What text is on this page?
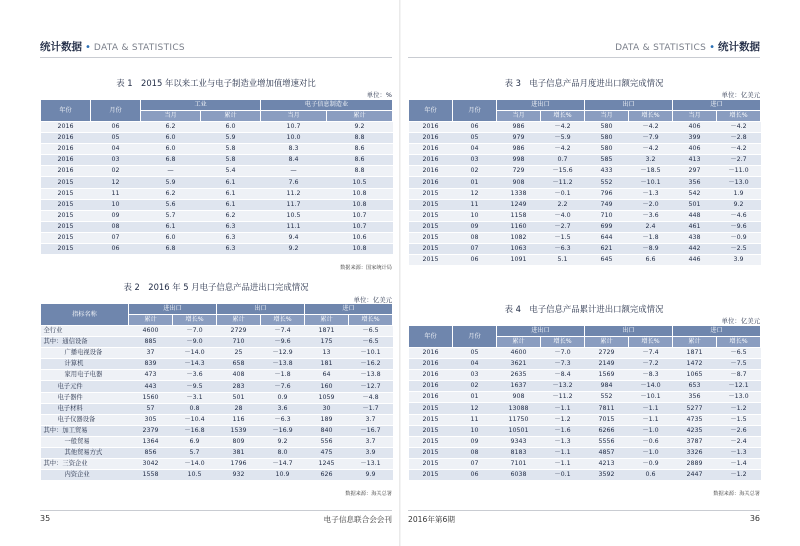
统计数据 • DATA & STATISTICS
表 1　2015 年以来工业与电子制造业增加值增速对比
单位：%
年份	月份	工业		电子信息制造业	
		当月	累计	当月	累计
2016	06	6.2	6.0	10.7	9.2
2016	05	6.0	5.9	10.0	8.8
2016	04	6.0	5.8	8.3	8.6
2016	03	6.8	5.8	8.4	8.6
2016	02	—	5.4	—	8.8
2015	12	5.9	6.1	7.6	10.5
2015	11	6.2	6.1	11.2	10.8
2015	10	5.6	6.1	11.7	10.8
2015	09	5.7	6.2	10.5	10.7
2015	08	6.1	6.3	11.1	10.7
2015	07	6.0	6.3	9.4	10.6
2015	06	6.8	6.3	9.2	10.8
数据来源：国家统计局
表 2　2016 年 5 月电子信息产品进出口完成情况
单位：亿美元
指标名称	进出口		出口		进口	
	累计	增长%	累计	增长%	累计	增长%
全行业	4600	－7.0	2729	－7.4	1871	－6.5
其中：通信设备	885	－9.0	710	－9.6	175	－6.5
广播电视设备	37	－14.0	25	－12.9	13	－10.1
计算机	839	－14.3	658	－13.8	181	－16.2
家用电子电器	473	－3.6	408	－1.8	64	－13.8
电子元件	443	－9.5	283	－7.6	160	－12.7
电子器件	1560	－3.1	501	0.9	1059	－4.8
电子材料	57	0.8	28	3.6	30	－1.7
电子仪器设备	305	－10.4	116	－6.3	189	3.7
其中：加工贸易	2379	－16.8	1539	－16.9	840	－16.7
一般贸易	1364	6.9	809	9.2	556	3.7
其他贸易方式	856	5.7	381	8.0	475	3.9
其中：三资企业	3042	－14.0	1796	－14.7	1245	－13.1
内资企业	1558	10.5	932	10.9	626	9.9
数据来源：海关总署
35	电子信息联合会会刊
DATA & STATISTICS • 统计数据
表 3　电子信息产品月度进出口额完成情况
单位：亿美元
年份	月份	进出口		出口		进口	
		当月	增长%	当月	增长%	当月	增长%
2016	06	986	－4.2	580	－4.2	406	－4.2
2016	05	979	－5.9	580	－7.9	399	－2.8
2016	04	986	－4.2	580	－4.2	406	－4.2
2016	03	998	0.7	585	3.2	413	－2.7
2016	02	729	－15.6	433	－18.5	297	－11.0
2016	01	908	－11.2	552	－10.1	356	－13.0
2015	12	1338	－0.1	796	－1.3	542	1.9
2015	11	1249	2.2	749	－2.0	501	9.2
2015	10	1158	－4.0	710	－3.6	448	－4.6
2015	09	1160	－2.7	699	2.4	461	－9.6
2015	08	1082	－1.5	644	－1.8	438	－0.9
2015	07	1063	－6.3	621	－8.9	442	－2.5
2015	06	1091	5.1	645	6.6	446	3.9
表 4　电子信息产品累计进出口额完成情况
单位：亿美元
年份	月份	进出口		出口		进口	
		累计	增长%	累计	增长%	累计	增长%
2016	05	4600	－7.0	2729	－7.4	1871	－6.5
2016	04	3621	－7.3	2149	－7.2	1472	－7.5
2016	03	2635	－8.4	1569	－8.3	1065	－8.7
2016	02	1637	－13.2	984	－14.0	653	－12.1
2016	01	908	－11.2	552	－10.1	356	－13.0
2015	12	13088	－1.1	7811	－1.1	5277	－1.2
2015	11	11750	－1.2	7015	－1.1	4735	－1.5
2015	10	10501	－1.6	6266	－1.0	4235	－2.6
2015	09	9343	－1.3	5556	－0.6	3787	－2.4
2015	08	8183	－1.1	4857	－1.0	3326	－1.3
2015	07	7101	－1.1	4213	－0.9	2889	－1.4
2015	06	6038	－0.1	3592	0.6	2447	－1.2
数据来源：海关总署
2016年第6期	36
